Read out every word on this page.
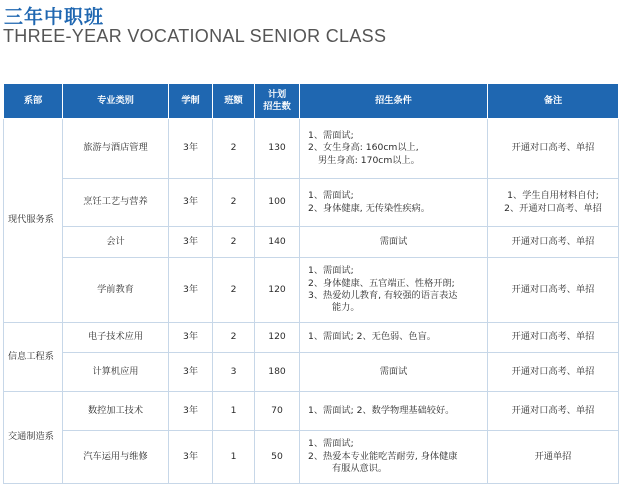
三年中职班
THREE-YEAR VOCATIONAL SENIOR CLASS
系部	专业类别	学制	班额	计划
招生数	招生条件	备注
现代服务系	旅游与酒店管理	3年	2	130	1、需面试;
2、女生身高: 160cm以上,
男生身高: 170cm以上。	开通对口高考、单招

	烹饪工艺与营养	3年	2	100	1、需面试;
2、身体健康, 无传染性疾病。	1、学生自用材料自付;
2、开通对口高考、单招

	会计	3年	2	140	需面试	开通对口高考、单招

	学前教育	3年	2	120	1、需面试;
2、身体健康、五官端正、性格开朗;
3、热爱幼儿教育, 有较强的语言表达
能力。	开通对口高考、单招

信息工程系	电子技术应用	3年	2	120	1、需面试; 2、无色弱、色盲。	开通对口高考、单招

	计算机应用	3年	3	180	需面试	开通对口高考、单招

交通制造系	数控加工技术	3年	1	70	1、需面试; 2、数学物理基础较好。	开通对口高考、单招

	汽车运用与维修	3年	1	50	1、需面试;
2、热爱本专业能吃苦耐劳, 身体健康
有服从意识。	开通单招
